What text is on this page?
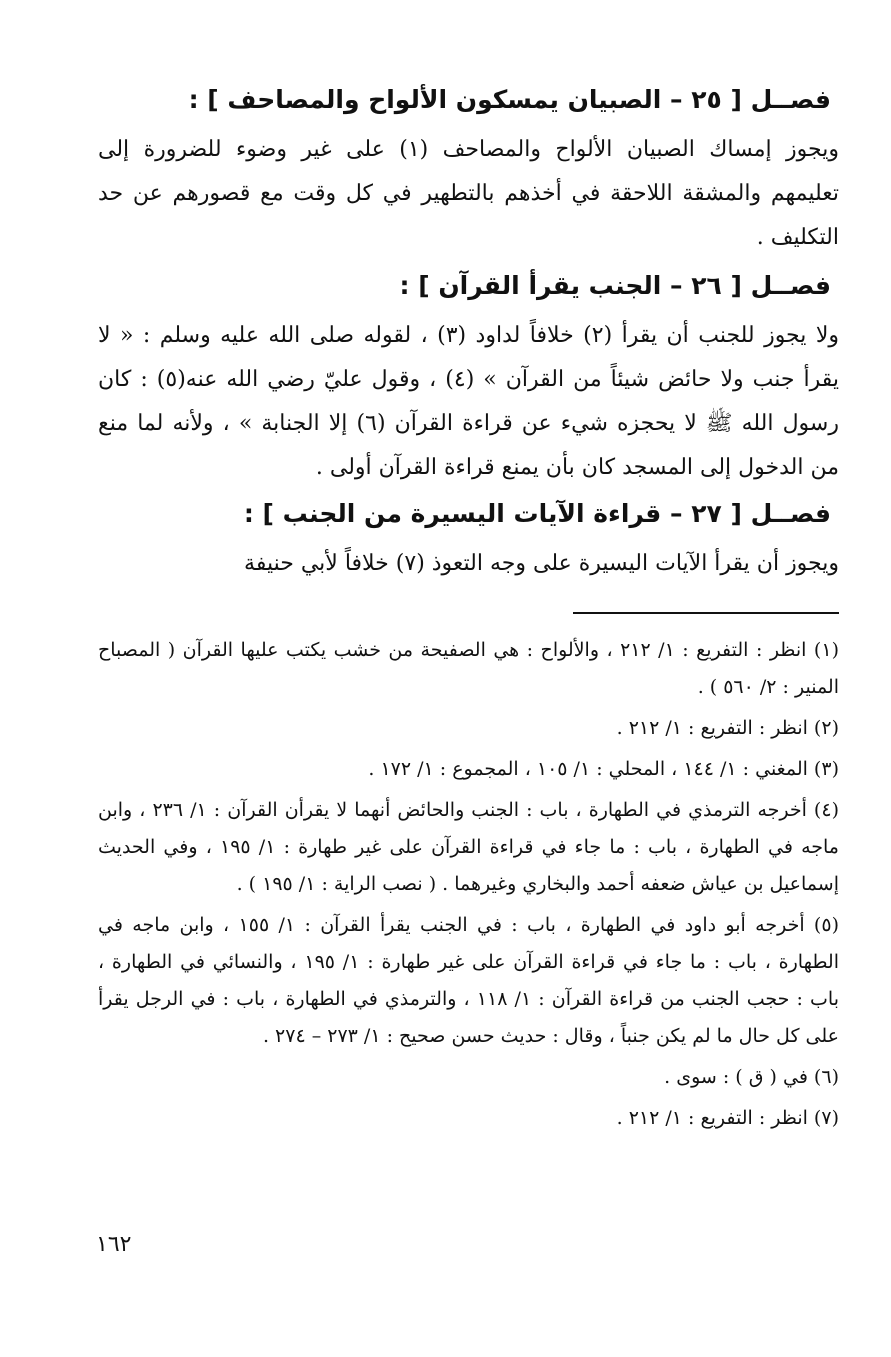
فصــل [ ٢٥ – الصبيان يمسكون الألواح والمصاحف ] :

ويجوز إمساك الصبيان الألواح والمصاحف (١) على غير وضوء للضرورة إلى تعليمهم والمشقة اللاحقة في أخذهم بالتطهير في كل وقت مع قصورهم عن حد التكليف .

فصــل [ ٢٦ – الجنب يقرأ القرآن ] :

ولا يجوز للجنب أن يقرأ (٢) خلافاً لداود (٣) ، لقوله صلى الله عليه وسلم : « لا يقرأ جنب ولا حائض شيئاً من القرآن » (٤) ، وقول عليّ رضي الله عنه(٥) : كان رسول الله ﷺ لا يحجزه شيء عن قراءة القرآن (٦) إلا الجنابة » ، ولأنه لما منع من الدخول إلى المسجد كان بأن يمنع قراءة القرآن أولى .

فصــل [ ٢٧ – قراءة الآيات اليسيرة من الجنب ] :

ويجوز أن يقرأ الآيات اليسيرة على وجه التعوذ (٧) خلافاً لأبي حنيفة

(١) انظر : التفريع : ١/ ٢١٢ ، والألواح : هي الصفيحة من خشب يكتب عليها القرآن ( المصباح المنير : ٢/ ٥٦٠ ) .

(٢) انظر : التفريع : ١/ ٢١٢ .

(٣) المغني : ١/ ١٤٤ ، المحلي : ١/ ١٠٥ ، المجموع : ١/ ١٧٢ .

(٤) أخرجه الترمذي في الطهارة ، باب : الجنب والحائض أنهما لا يقرأن القرآن : ١/ ٢٣٦ ، وابن ماجه في الطهارة ، باب : ما جاء في قراءة القرآن على غير طهارة : ١/ ١٩٥ ، وفي الحديث إسماعيل بن عياش ضعفه أحمد والبخاري وغيرهما . ( نصب الراية : ١/ ١٩٥ ) .

(٥) أخرجه أبو داود في الطهارة ، باب : في الجنب يقرأ القرآن : ١/ ١٥٥ ، وابن ماجه في الطهارة ، باب : ما جاء في قراءة القرآن على غير طهارة : ١/ ١٩٥ ، والنسائي في الطهارة ، باب : حجب الجنب من قراءة القرآن : ١/ ١١٨ ، والترمذي في الطهارة ، باب : في الرجل يقرأ على كل حال ما لم يكن جنباً ، وقال : حديث حسن صحيح : ١/ ٢٧٣ – ٢٧٤ .

(٦) في ( ق ) : سوى .

(٧) انظر : التفريع : ١/ ٢١٢ .

١٦٢
